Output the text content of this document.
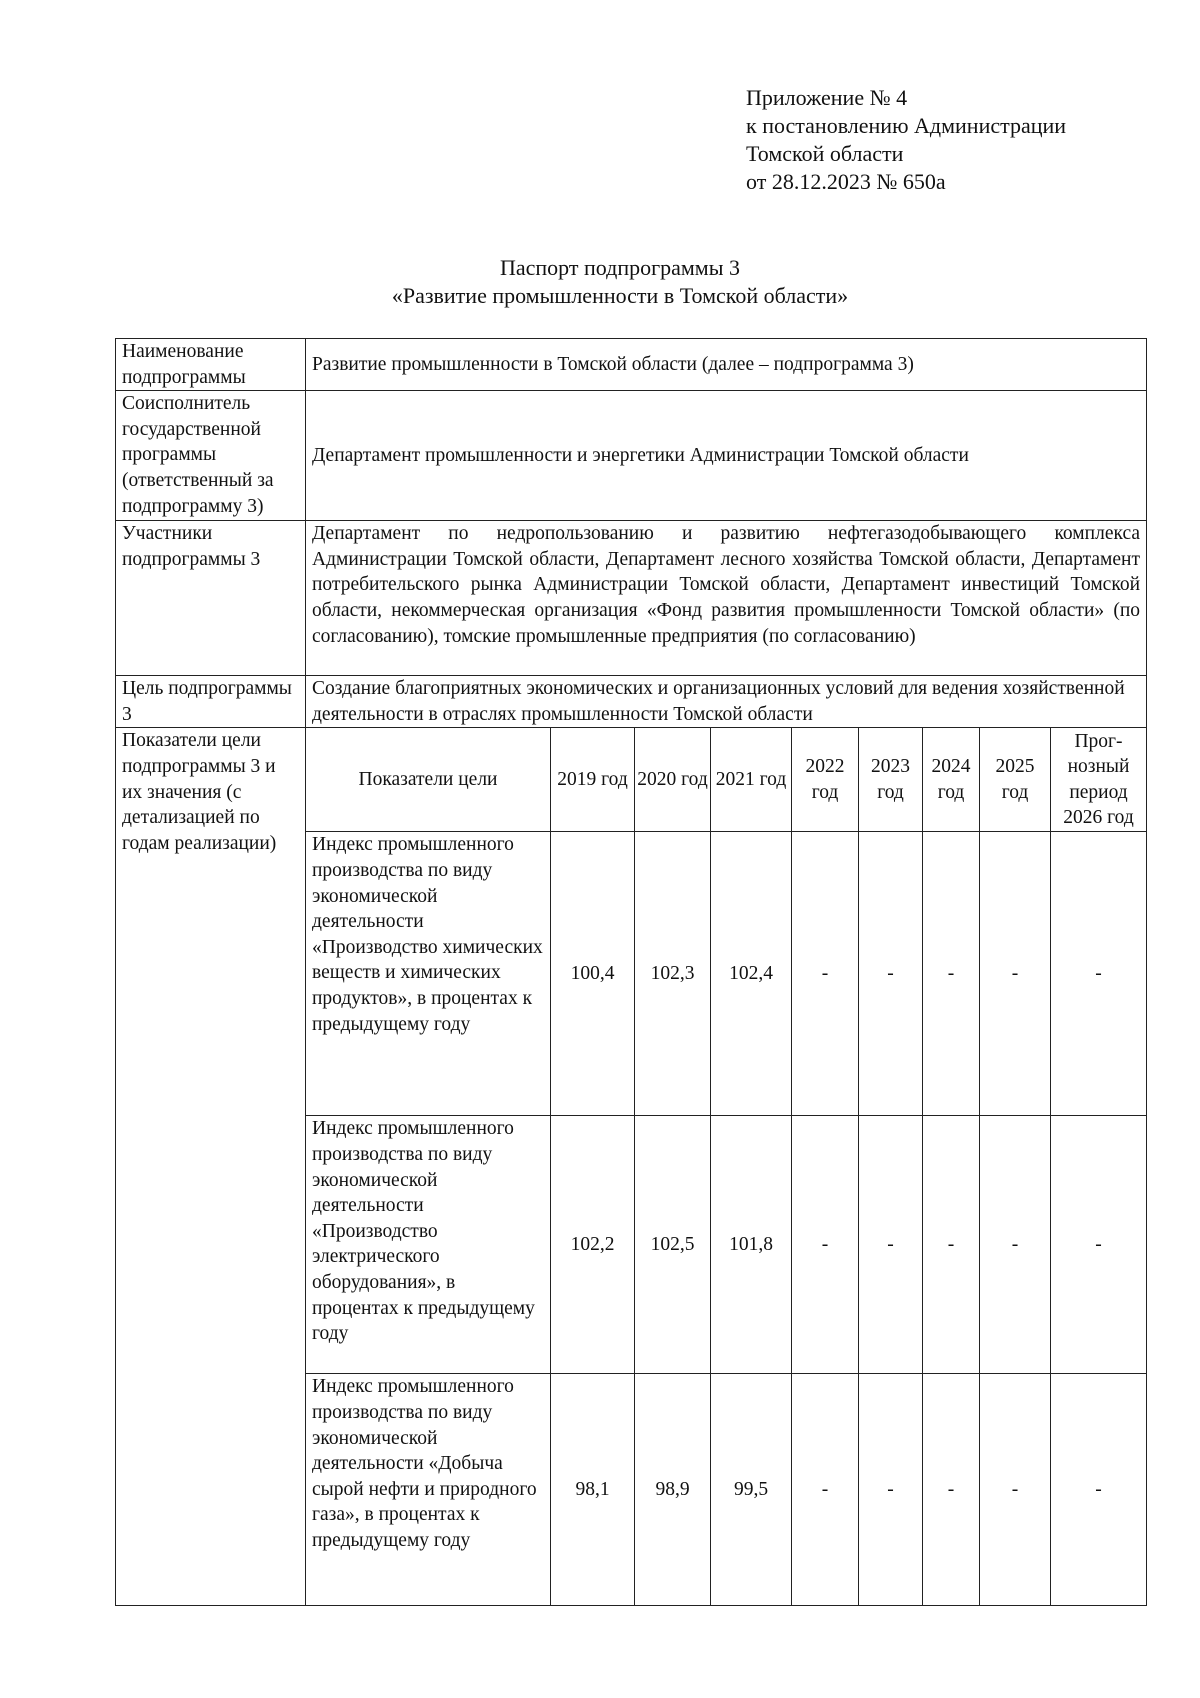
Приложение № 4
к постановлению Администрации
Томской области
от 28.12.2023 № 650а
Паспорт подпрограммы 3
«Развитие промышленности в Томской области»
Наименование подпрограммы	Развитие промышленности в Томской области (далее – подпрограмма 3)								
Соисполнитель государственной программы (ответственный за подпрограмму 3)	Департамент промышленности и энергетики Администрации Томской области								
Участники подпрограммы 3	Департамент по недропользованию и развитию нефтегазодобывающего комплекса Администрации Томской области, Департамент лесного хозяйства Томской области, Департамент потребительского рынка Администрации Томской области, Департамент инвестиций Томской области, некоммерческая организация «Фонд развития промышленности Томской области» (по согласованию), томские промышленные предприятия (по согласованию)								
Цель подпрограммы 3	Создание благоприятных экономических и организационных условий для ведения хозяйственной деятельности в отраслях промышленности Томской области								
Показатели цели подпрограммы 3 и их значения (с детализацией по годам реализации)	Показатели цели	2019 год	2020 год	2021 год	2022 год	2023 год	2024 год	2025 год	Прог-нозный период 2026 год
	Индекс промышленного производства по виду экономической деятельности «Производство химических веществ и химических продуктов», в процентах к предыдущему году	100,4	102,3	102,4	-	-	-	-	-
	Индекс промышленного производства по виду экономической деятельности «Производство электрического оборудования», в процентах к предыдущему году	102,2	102,5	101,8	-	-	-	-	-
	Индекс промышленного производства по виду экономической деятельности «Добыча сырой нефти и природного газа», в процентах к предыдущему году	98,1	98,9	99,5	-	-	-	-	-
